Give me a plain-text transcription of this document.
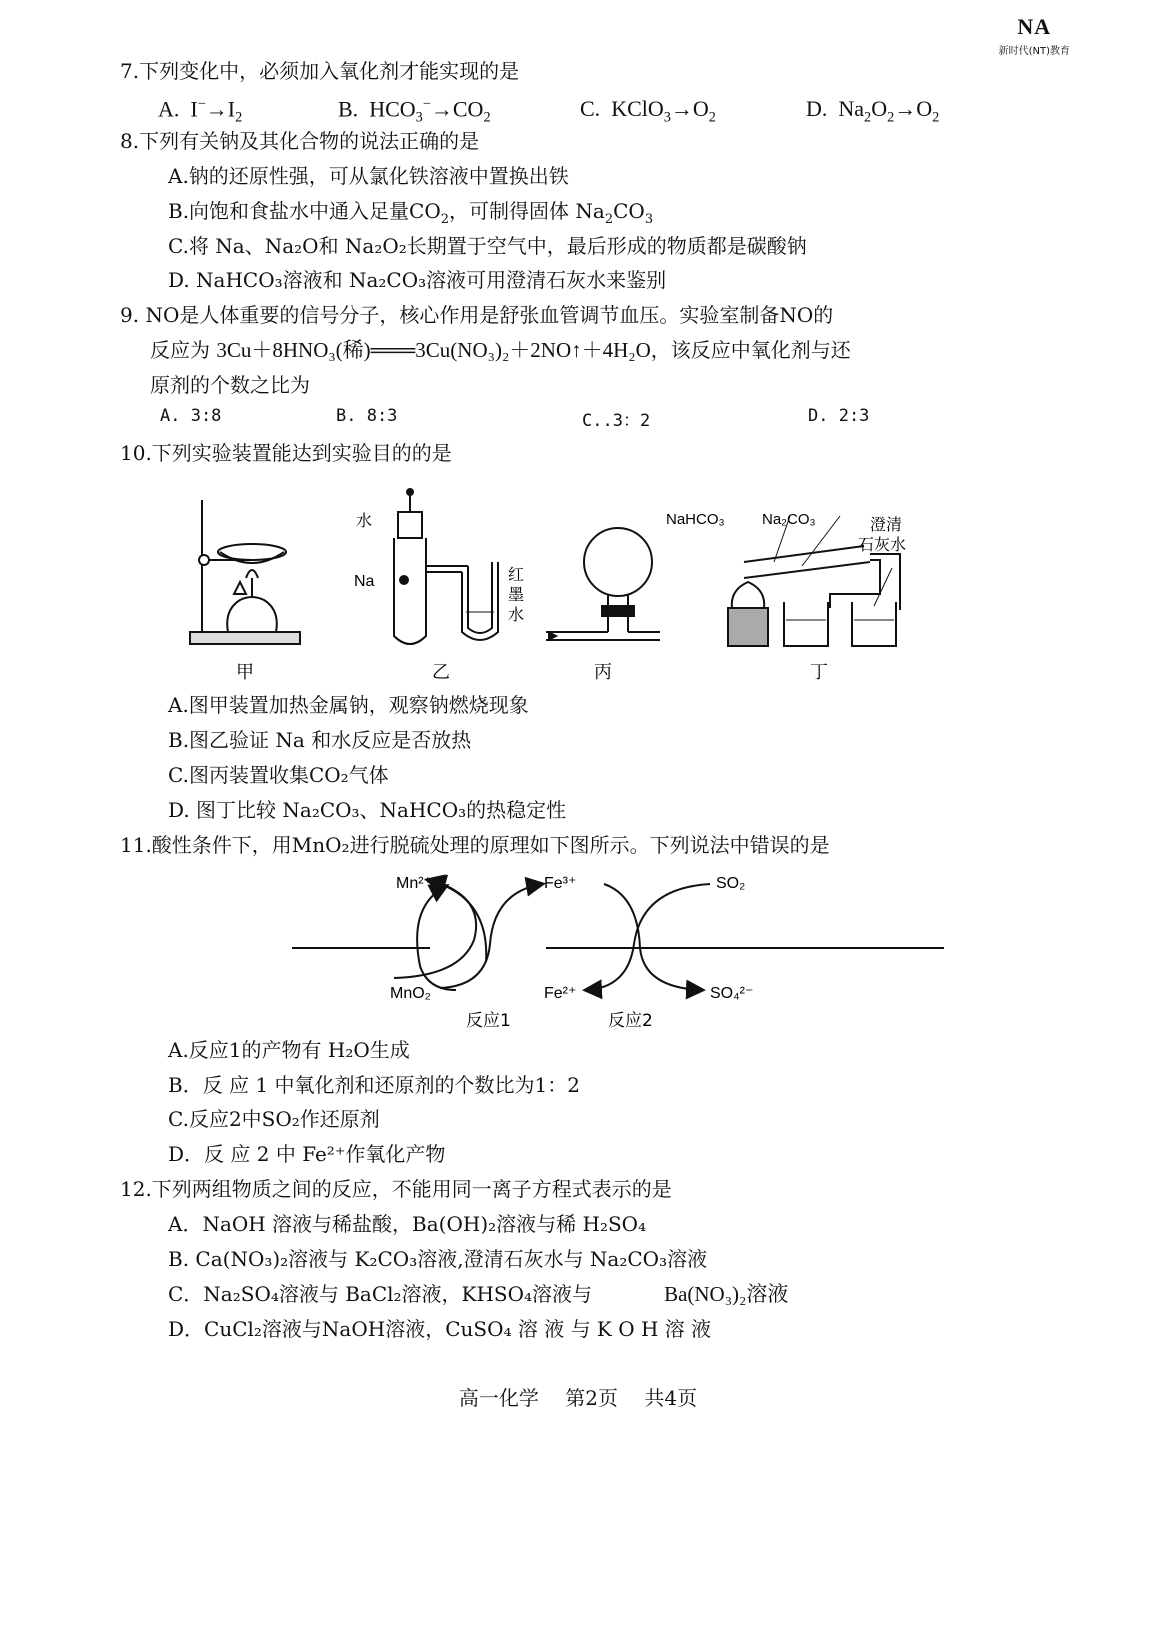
NA
新时代(NT)教育
7.下列变化中，必须加入氧化剂才能实现的是
A. $I^-\to I_2$	B. $HCO_3^-\to CO_2$	C. $KClO_3\to O_2$	D. $Na_2O_2\to O_2$
8.下列有关钠及其化合物的说法正确的是
A.钠的还原性强，可从氯化铁溶液中置换出铁
B.向饱和食盐水中通入足量$CO_2$，可制得固体 $Na_2CO_3$
C.将 Na、Na₂O和 Na₂O₂长期置于空气中，最后形成的物质都是碳酸钠
D. NaHCO₃溶液和 Na₂CO₃溶液可用澄清石灰水来鉴别
9. NO是人体重要的信号分子，核心作用是舒张血管调节血压。实验室制备NO的
反应为 3Cu＋8HNO₃(稀)═══3Cu(NO₃)₂＋2NO↑＋4H₂O，该反应中氧化剂与还
原剂的个数之比为
A. 3:8	B. 8:3	C..3：2	D. 2:3
10.下列实验装置能达到实验目的的是
水
Na	红
墨
水
NaHCO₃ Na₂CO₃	澄清
石灰水
甲	乙	丙	丁
A.图甲装置加热金属钠，观察钠燃烧现象
B.图乙验证 Na 和水反应是否放热
C.图丙装置收集CO₂气体
D. 图丁比较 Na₂CO₃、NaHCO₃的热稳定性
11.酸性条件下，用MnO₂进行脱硫处理的原理如下图所示。下列说法中错误的是
Mn²⁺	Fe³⁺	SO₂
MnO₂	Fe²⁺	SO₄²⁻
反应1	反应2
A.反应1的产物有 H₂O生成
B．反 应 1 中氧化剂和还原剂的个数比为1：2
C.反应2中SO₂作还原剂
D．反 应 2 中 Fe²⁺作氧化产物
12.下列两组物质之间的反应，不能用同一离子方程式表示的是
A．NaOH 溶液与稀盐酸，Ba(OH)₂溶液与稀 H₂SO₄
B. Ca(NO₃)₂溶液与 K₂CO₃溶液,澄清石灰水与 Na₂CO₃溶液
C．Na₂SO₄溶液与 BaCl₂溶液，KHSO₄溶液与	Ba(NO₃)₂溶液
D．CuCl₂溶液与NaOH溶液，CuSO₄ 溶 液 与 K O H 溶 液
高一化学 第2页 共4页
